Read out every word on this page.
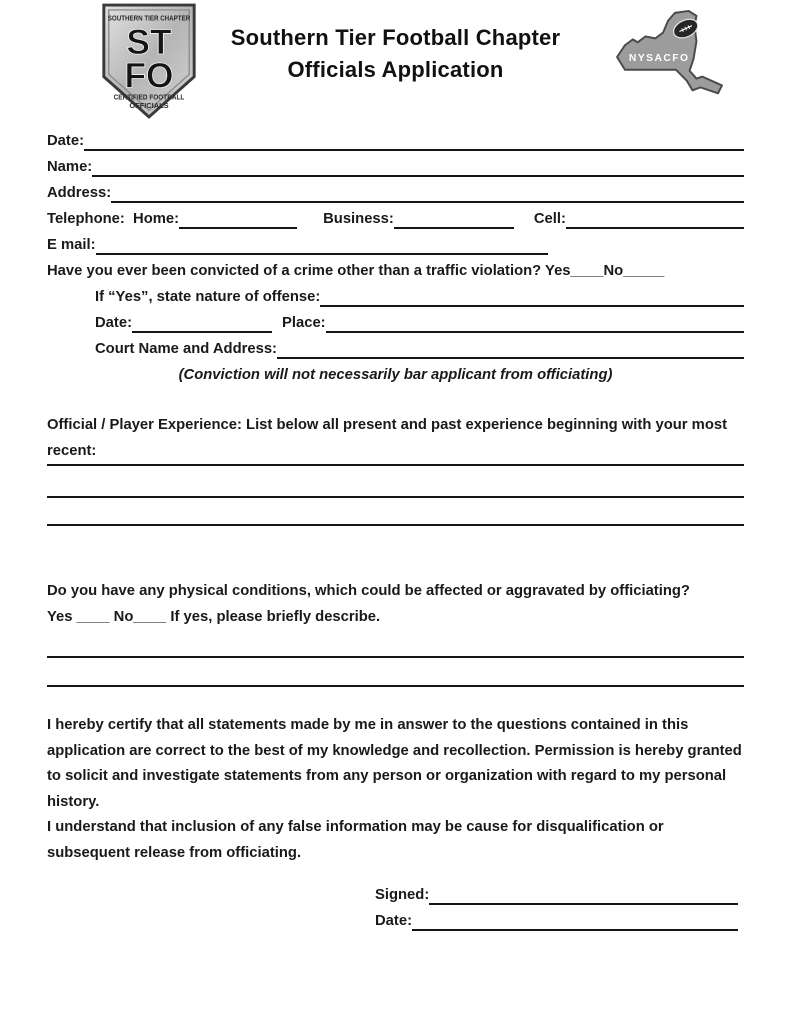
SOUTHERN TIER CHAPTER
ST
FO
CERTIFIED FOOTBALL
OFFICIALS
Southern Tier Football Chapter
Officials Application	NYSACFO
Date:
Name:
Address:
Telephone:  Home:	Business:	Cell:
E mail:
Have you ever been convicted of a crime other than a traffic violation? Yes____No_____
If “Yes”, state nature of offense:
Date:	Place:
Court Name and Address:
(Conviction will not necessarily bar applicant from officiating)
Official / Player Experience: List below all present and past experience beginning with your most recent:
Do you have any physical conditions, which could be affected or aggravated by officiating?
Yes ____ No____ If yes, please briefly describe.

I hereby certify that all statements made by me in answer to the questions contained in this application are correct to the best of my knowledge and recollection. Permission is hereby granted to solicit and investigate statements from any person or organization with regard to my personal history.

I understand that inclusion of any false information may be cause for disqualification or subsequent release from officiating.

Signed:
Date:
